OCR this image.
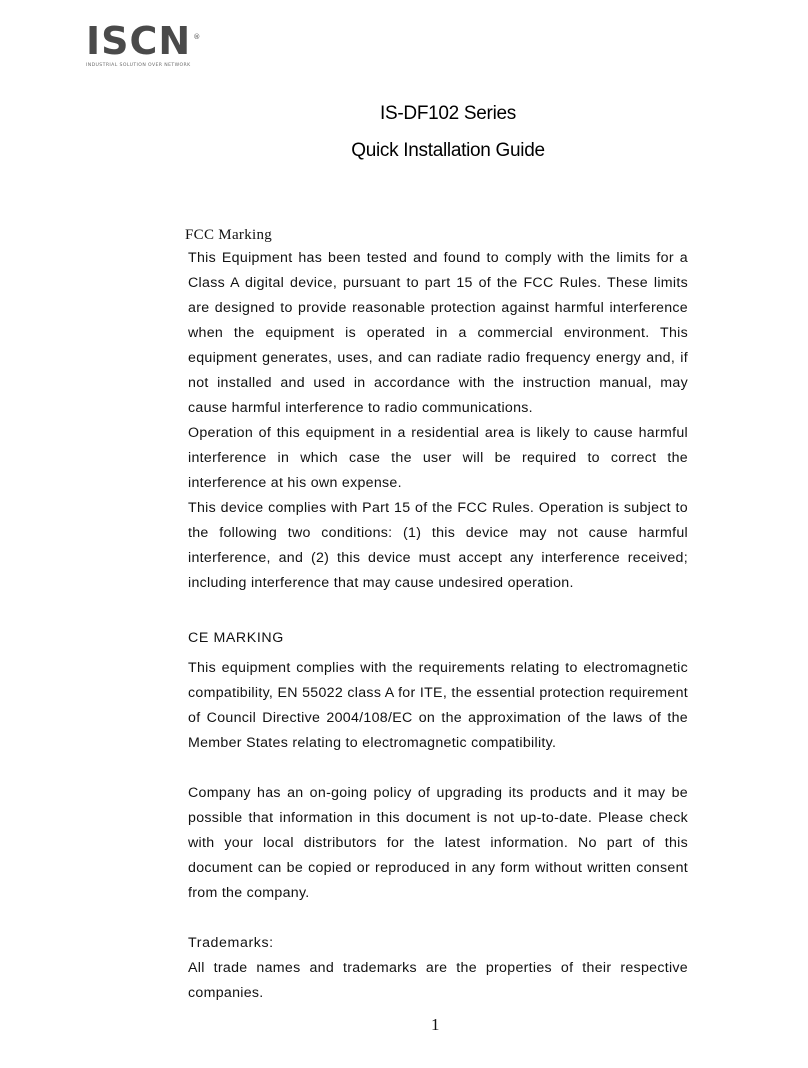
ISCN ®
INDUSTRIAL SOLUTION OVER NETWORK
IS-DF102 Series
Quick Installation Guide
FCC Marking

This Equipment has been tested and found to comply with the limits for a Class A digital device, pursuant to part 15 of the FCC Rules. These limits are designed to provide reasonable protection against harmful interference when the equipment is operated in a commercial environment. This equipment generates, uses, and can radiate radio frequency energy and, if not installed and used in accordance with the instruction manual, may cause harmful interference to radio communications.

Operation of this equipment in a residential area is likely to cause harmful interference in which case the user will be required to correct the interference at his own expense.

This device complies with Part 15 of the FCC Rules. Operation is subject to the following two conditions: (1) this device may not cause harmful interference, and (2) this device must accept any interference received; including interference that may cause undesired operation.

CE MARKING

This equipment complies with the requirements relating to electromagnetic compatibility, EN 55022 class A for ITE, the essential protection requirement of Council Directive 2004/108/EC on the approximation of the laws of the Member States relating to electromagnetic compatibility.

Company has an on-going policy of upgrading its products and it may be possible that information in this document is not up-to-date. Please check with your local distributors for the latest information. No part of this document can be copied or reproduced in any form without written consent from the company.

Trademarks:

All trade names and trademarks are the properties of their respective companies.

1
